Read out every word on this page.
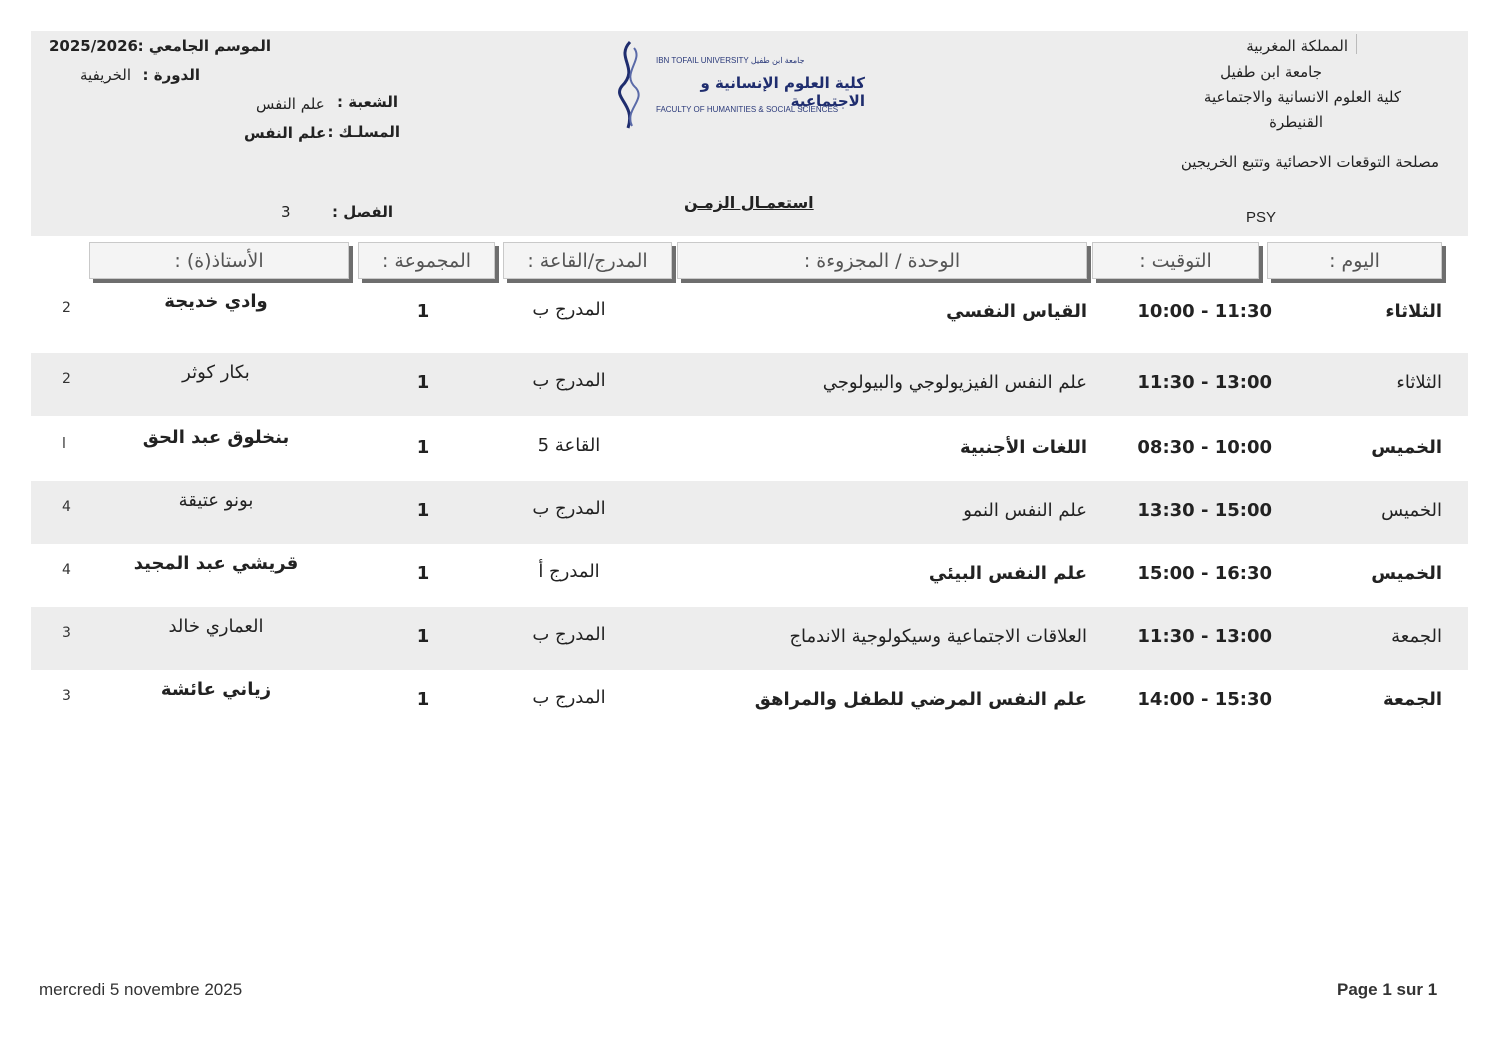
المملكة المغربية
جامعة ابن طفيل
كلية العلوم الانسانية والاجتماعية
القنيطرة
مصلحة التوقعات الاحصائية وتتبع الخريجين
PSY
IBN TOFAIL UNIVERSITY جامعة ابن طفيل
كلية العلوم الإنسانية و الاجتماعية
FACULTY OF HUMANITIES & SOCIAL SCIENCES
الموسم الجامعي :
2025/2026
الدورة :
الخريفية
الشعبة :
علم النفس
المسلـك :
علم النفس
الفصل :
3	استعمـال الزمـن
اليوم :
التوقيت :
الوحدة / المجزوءة :
المدرج/القاعة :
المجموعة :
الأستاذ(ة) :
الثلاثاء
10:00 - 11:30
القياس النفسي
المدرج ب
1
وادي خديجة
2
الثلاثاء
11:30 - 13:00
علم النفس الفيزيولوجي والبيولوجي
المدرج ب
1
بكار كوثر
2
الخميس
08:30 - 10:00
اللغات الأجنبية
القاعة 5
1
بنخلوق عبد الحق
l
الخميس
13:30 - 15:00
علم النفس النمو
المدرج ب
1
بونو عتيقة
4
الخميس
15:00 - 16:30
علم النفس البيئي
المدرج أ
1
قريشي عبد المجيد
4
الجمعة
11:30 - 13:00
العلاقات الاجتماعية وسيكولوجية الاندماج
المدرج ب
1
العماري خالد
3
الجمعة
14:00 - 15:30
علم النفس المرضي للطفل والمراهق
المدرج ب
1
زياني عائشة
3
mercredi 5 novembre 2025	Page 1 sur 1
